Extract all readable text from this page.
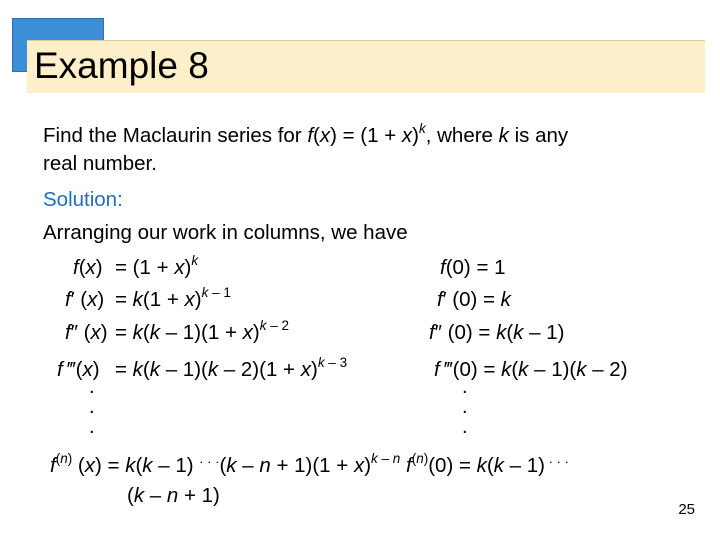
Example 8
Find the Maclaurin series for $f(x) = (1 + x)^k$, where k is any
real number.
Solution:
Arranging our work in columns, we have
$f(x) = (1 + x)^k$	f(0) = 1
f′ $(x) = k(1 + x)^{k - 1}$	f′ (0) = k
f″ $(x) = k(k - 1)(1 + x)^{k - 2}$	f″ (0) = k(k – 1)
f ‴(x) = $k(k - 1)(k - 2)(1 + x)^{k - 3}$	f ‴(0) = k(k – 1)(k – 2)
.
.
.
.
.
.
$f^{(n)}$ (x) = k(k – 1) $^{\cdot \cdot \cdot}(k - n + 1)(1 + x)^{k - n}$ $f^{(n)}(0) = k(k - 1)$ · · ·
(k – n + 1)
25
